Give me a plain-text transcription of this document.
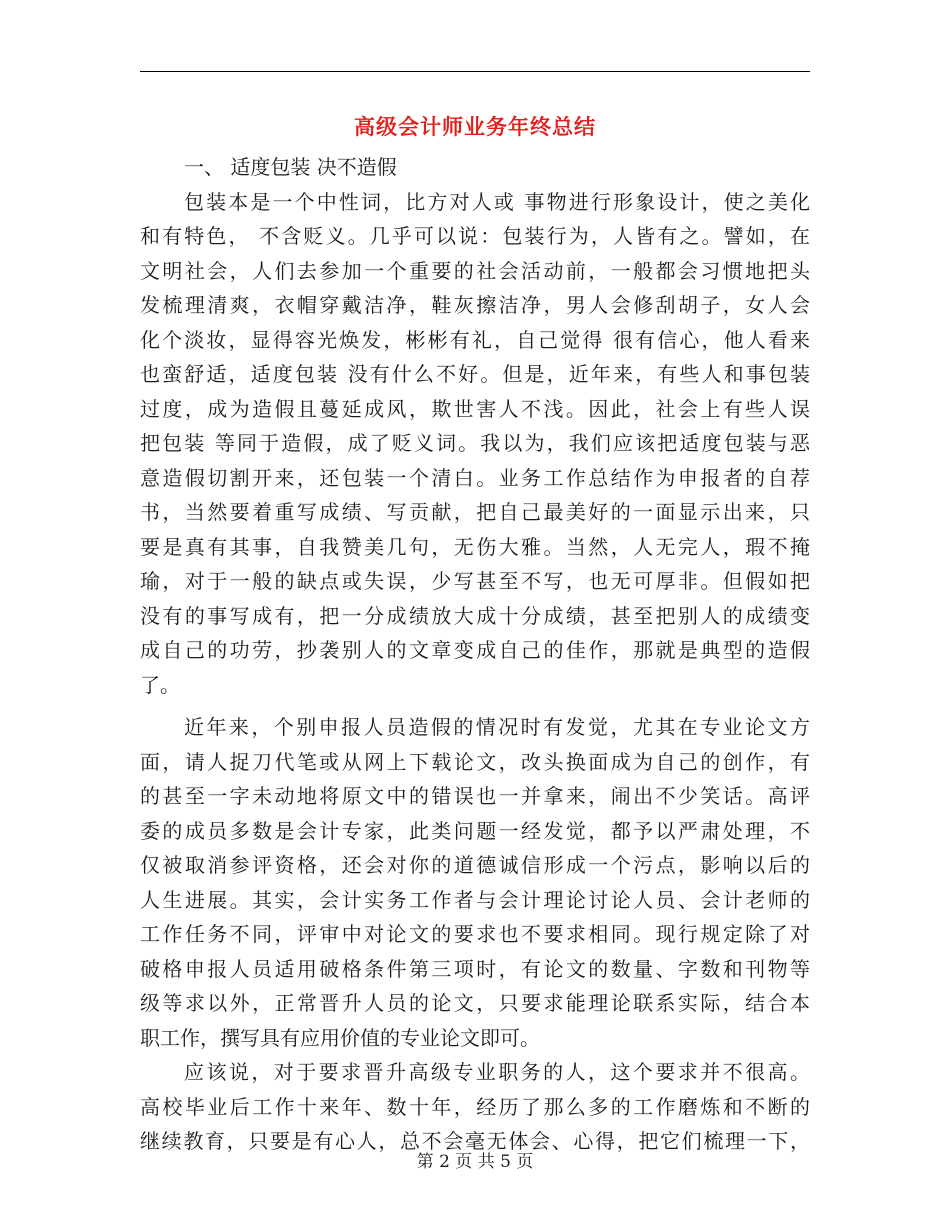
高级会计师业务年终总结
一、 适度包装 决不造假
包装本是一个中性词，比方对人或 事物进行形象设计，使之美化
和有特色， 不含贬义。几乎可以说：包装行为，人皆有之。譬如，在
文明社会，人们去参加一个重要的社会活动前，一般都会习惯地把头
发梳理清爽，衣帽穿戴洁净，鞋灰擦洁净，男人会修刮胡子，女人会
化个淡妆，显得容光焕发，彬彬有礼，自己觉得 很有信心，他人看来
也蛮舒适，适度包装 没有什么不好。但是，近年来，有些人和事包装
过度，成为造假且蔓延成风，欺世害人不浅。因此，社会上有些人误
把包装 等同于造假，成了贬义词。我以为，我们应该把适度包装与恶
意造假切割开来，还包装一个清白。业务工作总结作为申报者的自荐
书，当然要着重写成绩、写贡献，把自己最美好的一面显示出来，只
要是真有其事，自我赞美几句，无伤大雅。当然，人无完人，瑕不掩
瑜，对于一般的缺点或失误，少写甚至不写，也无可厚非。但假如把
没有的事写成有，把一分成绩放大成十分成绩，甚至把别人的成绩变
成自己的功劳，抄袭别人的文章变成自己的佳作，那就是典型的造假
了。
近年来，个别申报人员造假的情况时有发觉，尤其在专业论文方
面，请人捉刀代笔或从网上下载论文，改头换面成为自己的创作，有
的甚至一字未动地将原文中的错误也一并拿来，闹出不少笑话。高评
委的成员多数是会计专家，此类问题一经发觉，都予以严肃处理，不
仅被取消参评资格，还会对你的道德诚信形成一个污点，影响以后的
人生进展。其实，会计实务工作者与会计理论讨论人员、会计老师的
工作任务不同，评审中对论文的要求也不要求相同。现行规定除了对
破格申报人员适用破格条件第三项时，有论文的数量、字数和刊物等
级等求以外，正常晋升人员的论文，只要求能理论联系实际，结合本
职工作，撰写具有应用价值的专业论文即可。
应该说，对于要求晋升高级专业职务的人，这个要求并不很高。
高校毕业后工作十来年、数十年，经历了那么多的工作磨炼和不断的
继续教育，只要是有心人，总不会毫无体会、心得，把它们梳理一下，
第 2 页 共 5 页
